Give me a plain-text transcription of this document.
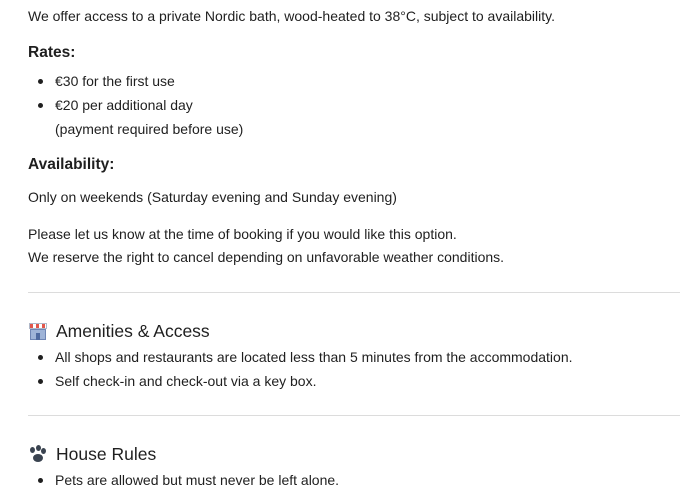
We offer access to a private Nordic bath, wood-heated to 38°C, subject to availability.
Rates:
€30 for the first use
€20 per additional day
(payment required before use)
Availability:
Only on weekends (Saturday evening and Sunday evening)
Please let us know at the time of booking if you would like this option.
We reserve the right to cancel depending on unfavorable weather conditions.
Amenities & Access
All shops and restaurants are located less than 5 minutes from the accommodation.
Self check-in and check-out via a key box.
House Rules
Pets are allowed but must never be left alone.
